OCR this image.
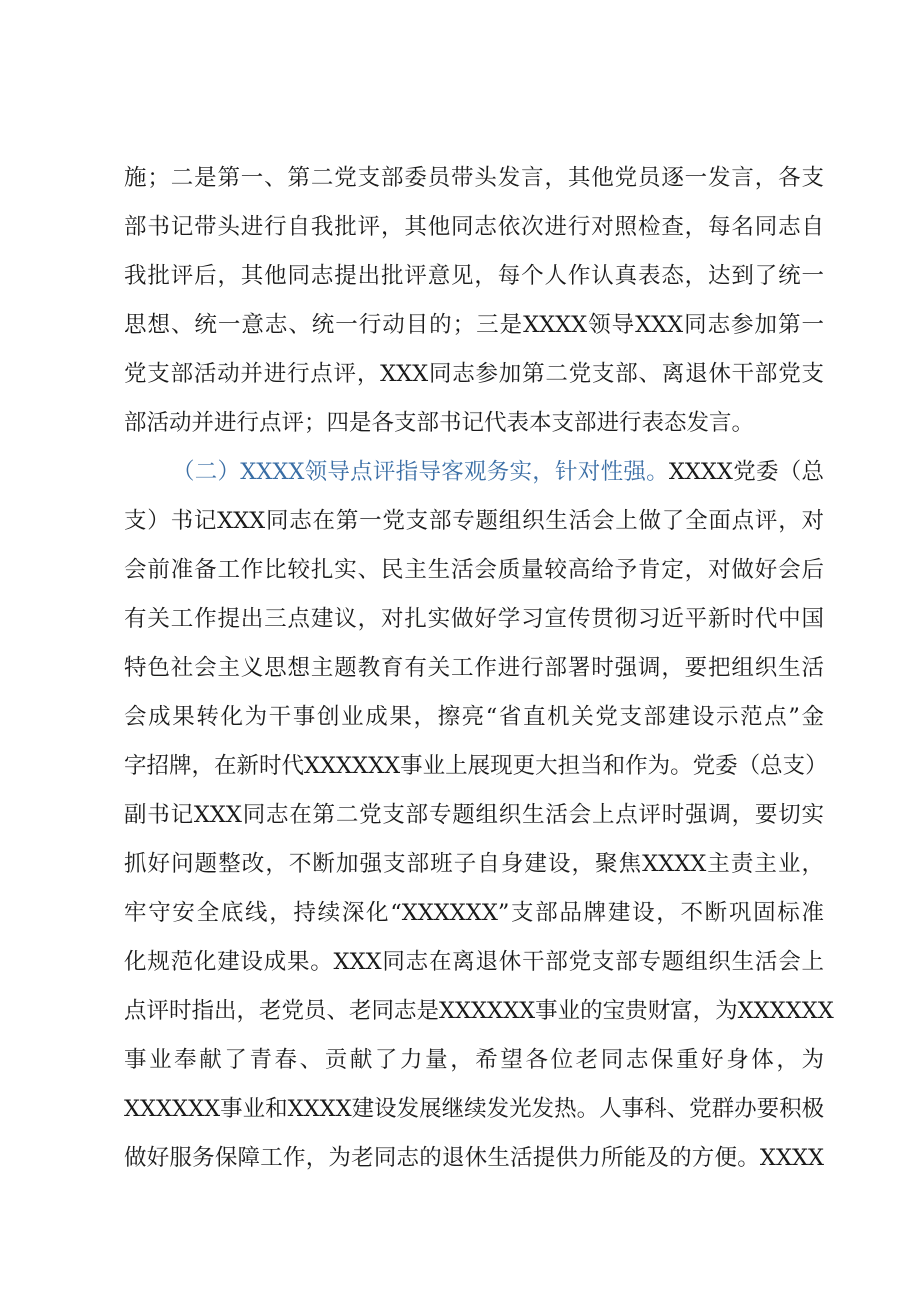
施；二是第一、第二党支部委员带头发言，其他党员逐一发言，各支
部书记带头进行自我批评，其他同志依次进行对照检查，每名同志自
我批评后，其他同志提出批评意见，每个人作认真表态，达到了统一
思想、统一意志、统一行动目的；三是XXXX领导XXX同志参加第一
党支部活动并进行点评，XXX同志参加第二党支部、离退休干部党支
部活动并进行点评；四是各支部书记代表本支部进行表态发言。
（二）XXXX领导点评指导客观务实，针对性强。XXXX党委（总
支）书记XXX同志在第一党支部专题组织生活会上做了全面点评，对
会前准备工作比较扎实、民主生活会质量较高给予肯定，对做好会后
有关工作提出三点建议，对扎实做好学习宣传贯彻习近平新时代中国
特色社会主义思想主题教育有关工作进行部署时强调，要把组织生活
会成果转化为干事创业成果，擦亮“省直机关党支部建设示范点”金
字招牌，在新时代XXXXXX事业上展现更大担当和作为。党委（总支）
副书记XXX同志在第二党支部专题组织生活会上点评时强调，要切实
抓好问题整改，不断加强支部班子自身建设，聚焦XXXX主责主业，
牢守安全底线，持续深化“XXXXXX”支部品牌建设，不断巩固标准
化规范化建设成果。XXX同志在离退休干部党支部专题组织生活会上
点评时指出，老党员、老同志是XXXXXX事业的宝贵财富，为XXXXXX
事业奉献了青春、贡献了力量，希望各位老同志保重好身体，为
XXXXXX事业和XXXX建设发展继续发光发热。人事科、党群办要积极
做好服务保障工作，为老同志的退休生活提供力所能及的方便。XXXX
